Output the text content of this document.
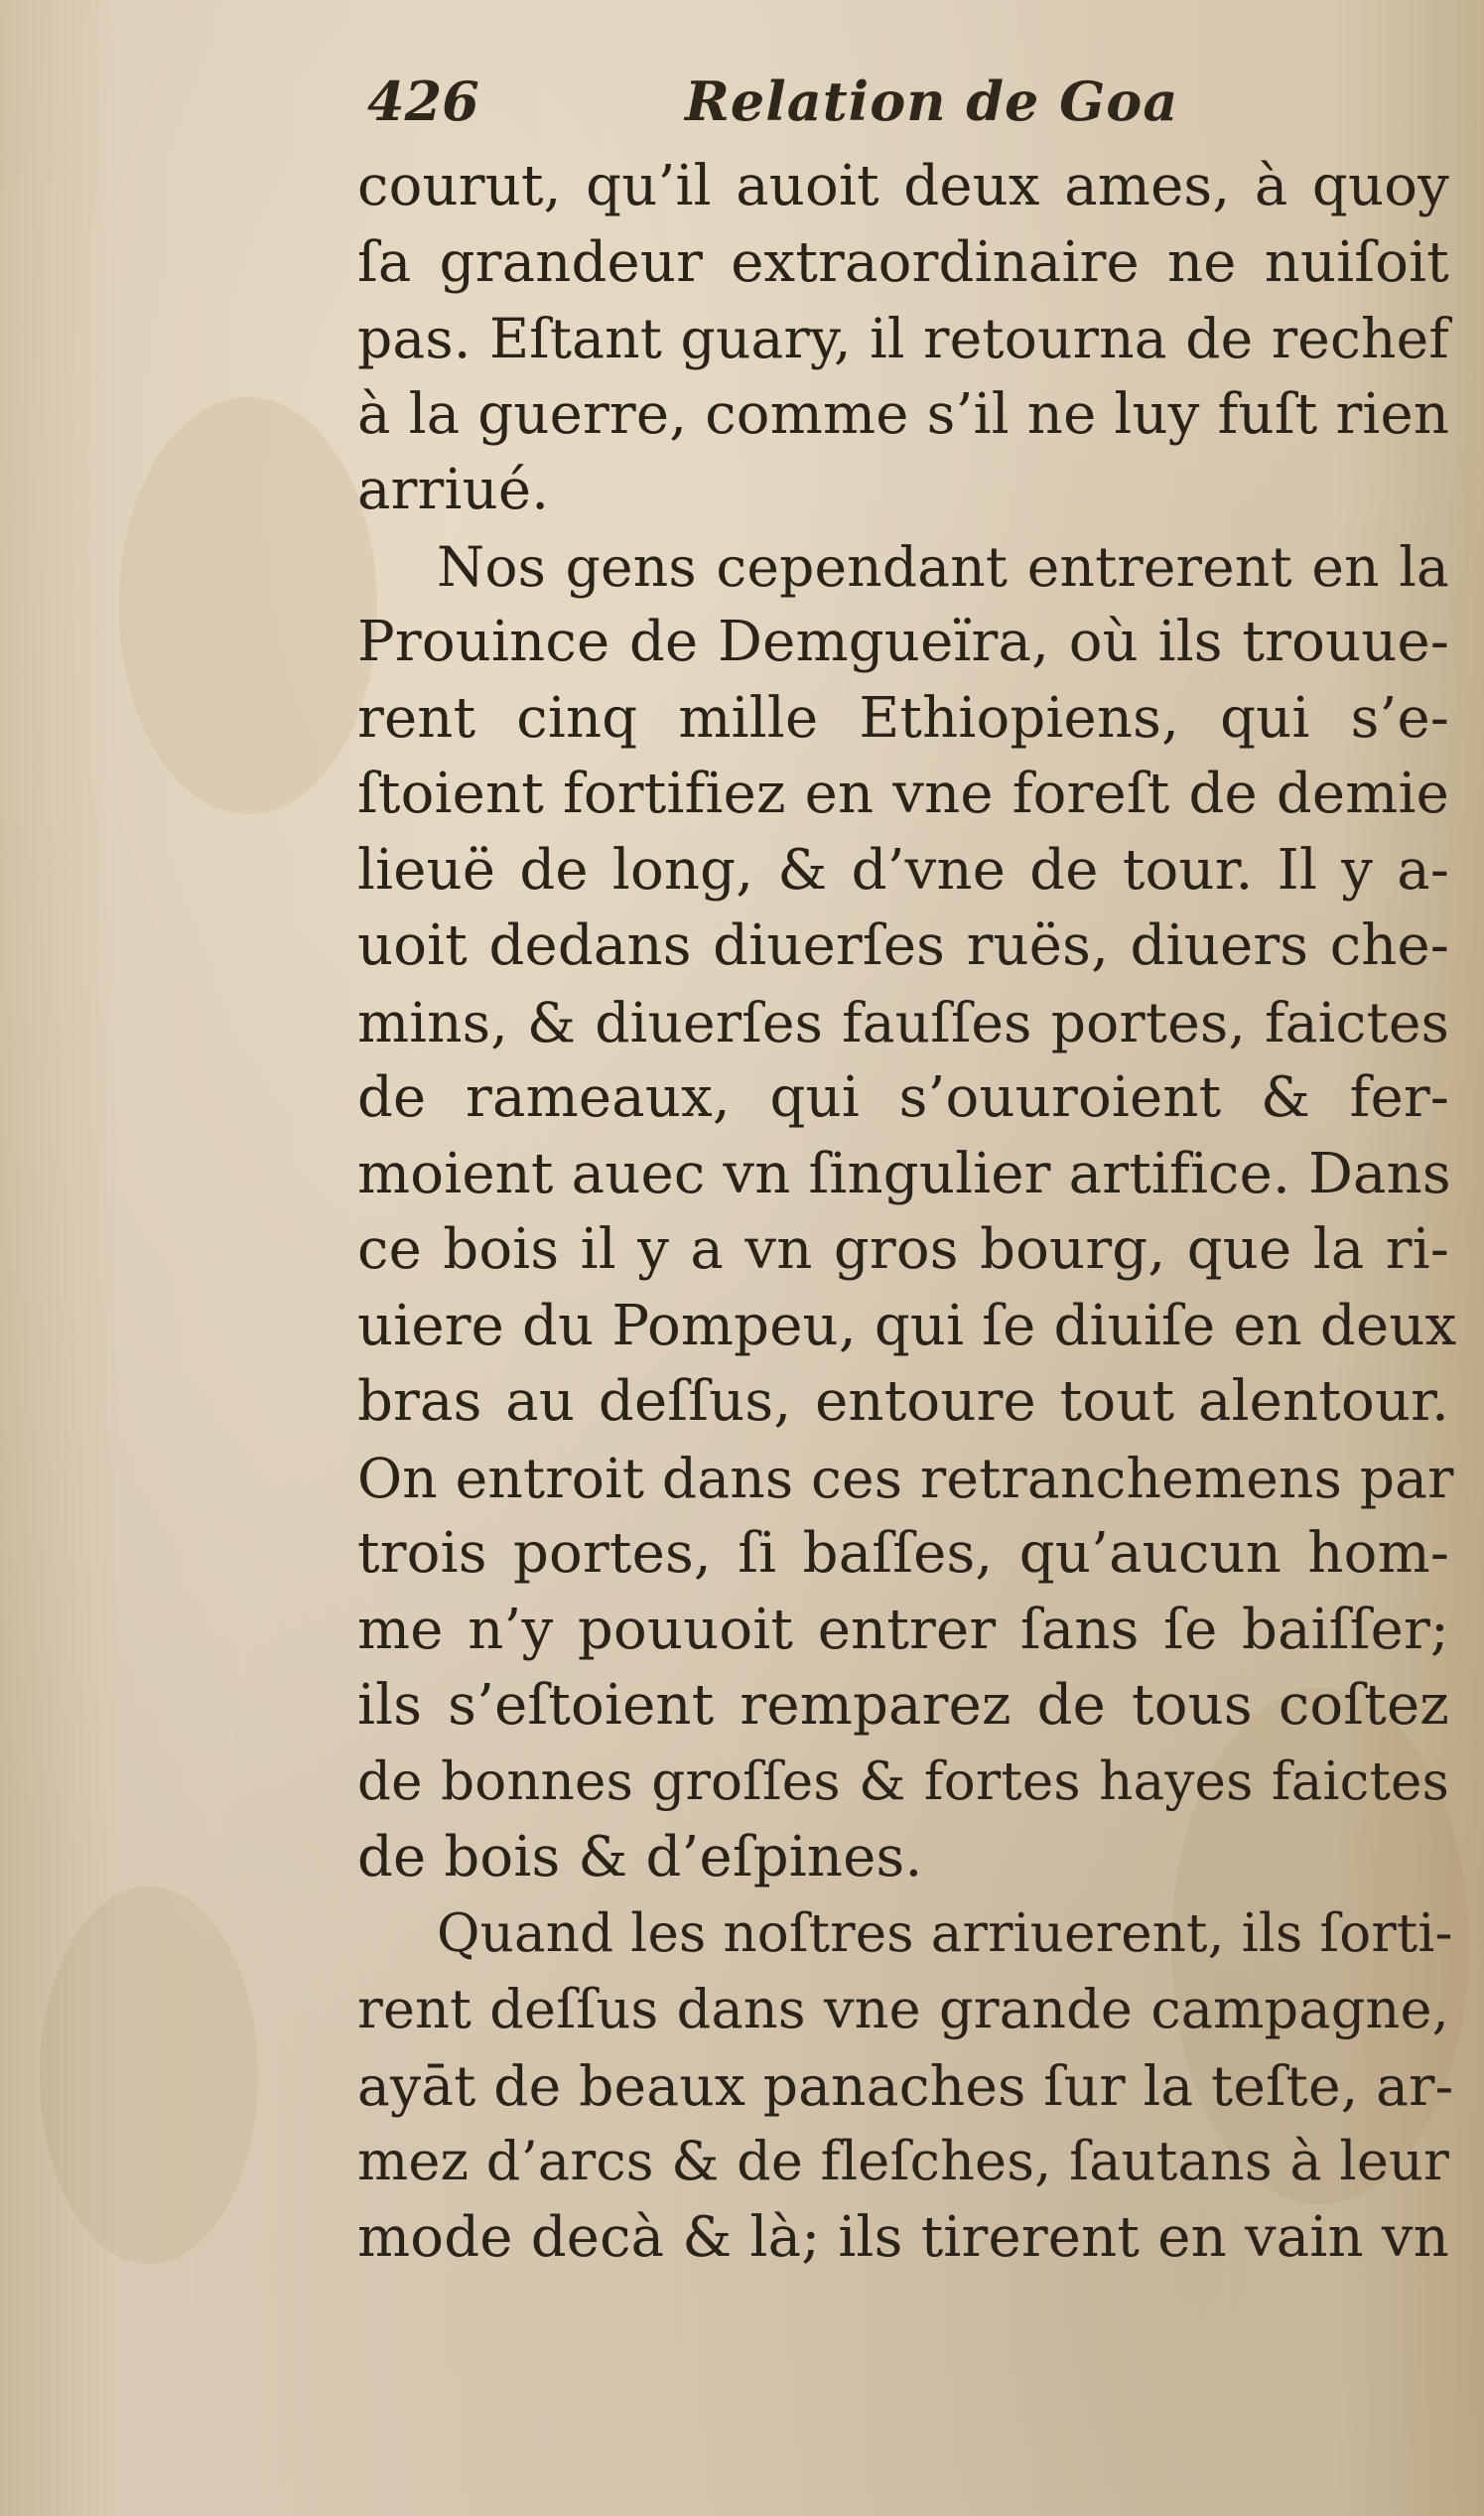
426	Relation de Goa
courut, qu’il auoit deux ames, à quoy
ſa grandeur extraordinaire ne nuiſoit
pas. Eſtant guary, il retourna de rechef
à la guerre, comme s’il ne luy fuſt rien
arriué.
Nos gens cependant entrerent en la
Prouince de Demgueïra, où ils trouue-
rent cinq mille Ethiopiens, qui s’e-
ſtoient fortifiez en vne foreſt de demie
lieuë de long, & d’vne de tour. Il y a-
uoit dedans diuerſes ruës, diuers che-
mins, & diuerſes fauſſes portes, faictes
de rameaux, qui s’ouuroient & fer-
moient auec vn ſingulier artifice. Dans
ce bois il y a vn gros bourg, que la ri-
uiere du Pompeu, qui ſe diuiſe en deux
bras au deſſus, entoure tout alentour.
On entroit dans ces retranchemens par
trois portes, ſi baſſes, qu’aucun hom-
me n’y pouuoit entrer ſans ſe baiſſer;
ils s’eſtoient remparez de tous coſtez
de bonnes groſſes & fortes hayes faictes
de bois & d’eſpines.
Quand les noſtres arriuerent, ils ſorti-
rent deſſus dans vne grande campagne,
ayāt de beaux panaches ſur la teſte, ar-
mez d’arcs & de fleſches, ſautans à leur
mode decà & là; ils tirerent en vain vn
